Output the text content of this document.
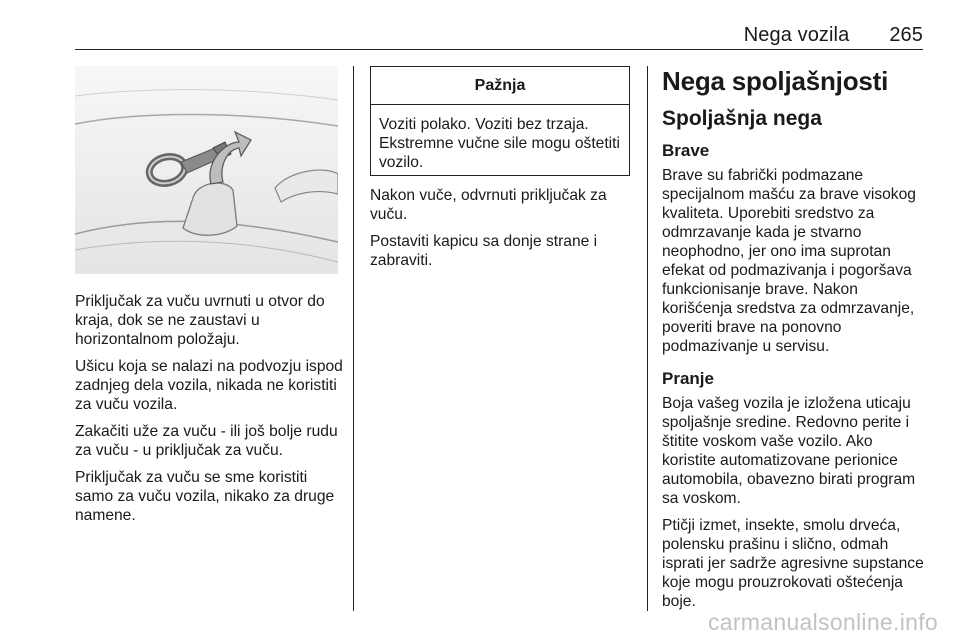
Nega vozila 265

Priključak za vuču uvrnuti u otvor do kraja, dok se ne zaustavi u horizontalnom položaju.

Ušicu koja se nalazi na podvozju ispod zadnjeg dela vozila, nikada ne koristiti za vuču vozila.

Zakačiti uže za vuču - ili još bolje rudu za vuču - u priključak za vuču.

Priključak za vuču se sme koristiti samo za vuču vozila, nikako za druge namene.

Pažnja
Voziti polako. Voziti bez trzaja. Ekstremne vučne sile mogu oštetiti vozilo.

Nakon vuče, odvrnuti priključak za vuču.

Postaviti kapicu sa donje strane i zabraviti.

Nega spoljašnjosti
Spoljašnja nega
Brave

Brave su fabrički podmazane specijalnom mašću za brave visokog kvaliteta. Uporebiti sredstvo za odmrzavanje kada je stvarno neophodno, jer ono ima suprotan efekat od podmazivanja i pogoršava funkcionisanje brave. Nakon korišćenja sredstva za odmrzavanje, poveriti brave na ponovno podmazivanje u servisu.

Pranje

Boja vašeg vozila je izložena uticaju spoljašnje sredine. Redovno perite i štitite voskom vaše vozilo. Ako koristite automatizovane perionice automobila, obavezno birati program sa voskom.

Ptičji izmet, insekte, smolu drveća, polensku prašinu i slično, odmah isprati jer sadrže agresivne supstance koje mogu prouzrokovati oštećenja boje.

carmanualsonline.info
